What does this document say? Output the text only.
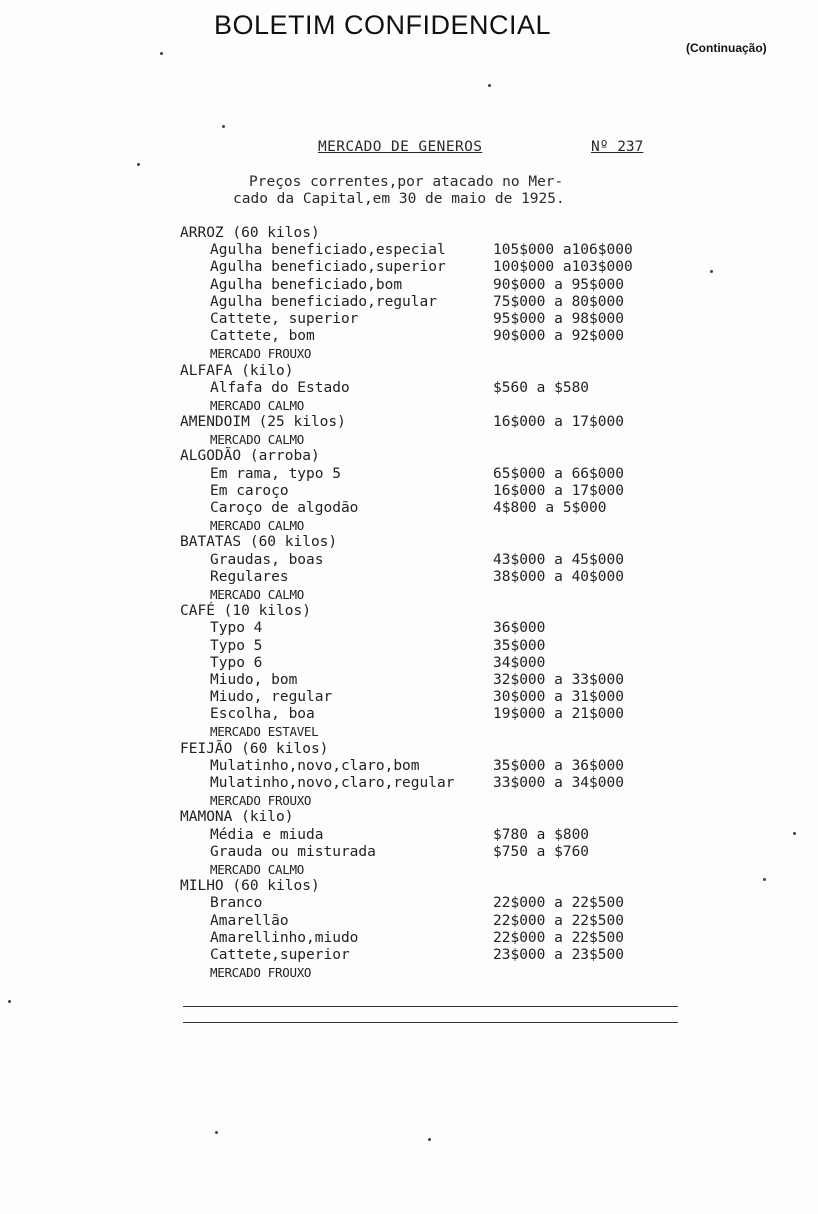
BOLETIM CONFIDENCIAL
(Continuação)
MERCADO DE GENEROS	Nº 237
Preços correntes,por atacado no Mer-
cado da Capital,em 30 de maio de 1925.
ARROZ (60 kilos)
Agulha beneficiado,especial	105$000 a106$000
Agulha beneficiado,superior	100$000 a103$000
Agulha beneficiado,bom	90$000 a 95$000
Agulha beneficiado,regular	75$000 a 80$000
Cattete, superior	95$000 a 98$000
Cattete, bom	90$000 a 92$000
MERCADO FROUXO
ALFAFA (kilo)
Alfafa do Estado	$560 a $580
MERCADO CALMO
AMENDOIM (25 kilos)	16$000 a 17$000
MERCADO CALMO
ALGODÃO (arroba)
Em rama, typo 5	65$000 a 66$000
Em caroço	16$000 a 17$000
Caroço de algodão	4$800 a 5$000
MERCADO CALMO
BATATAS (60 kilos)
Graudas, boas	43$000 a 45$000
Regulares	38$000 a 40$000
MERCADO CALMO
CAFÉ (10 kilos)
Typo 4	36$000
Typo 5	35$000
Typo 6	34$000
Miudo, bom	32$000 a 33$000
Miudo, regular	30$000 a 31$000
Escolha, boa	19$000 a 21$000
MERCADO ESTAVEL
FEIJÃO (60 kilos)
Mulatinho,novo,claro,bom	35$000 a 36$000
Mulatinho,novo,claro,regular	33$000 a 34$000
MERCADO FROUXO
MAMONA (kilo)
Média e miuda	$780 a $800
Grauda ou misturada	$750 a $760
MERCADO CALMO
MILHO (60 kilos)
Branco	22$000 a 22$500
Amarellão	22$000 a 22$500
Amarellinho,miudo	22$000 a 22$500
Cattete,superior	23$000 a 23$500
MERCADO FROUXO
